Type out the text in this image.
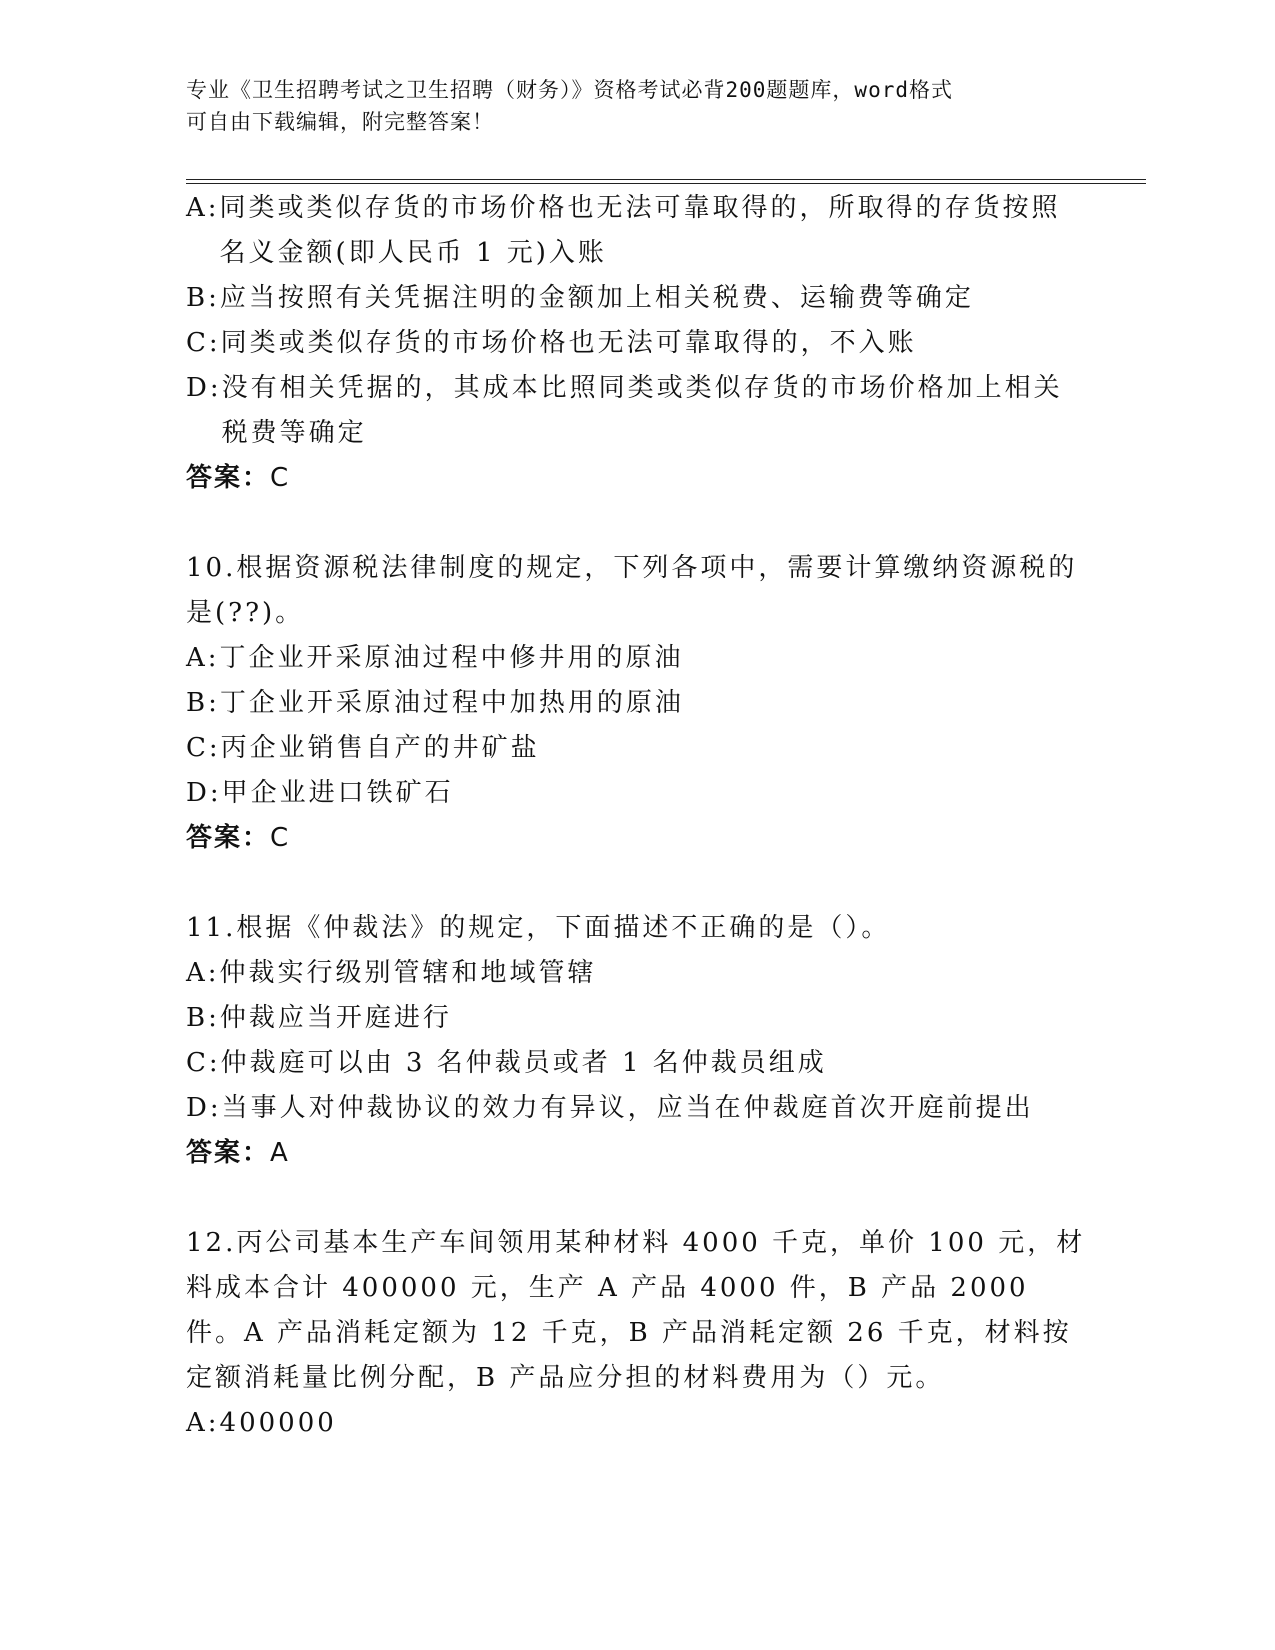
专业《卫生招聘考试之卫生招聘（财务）》资格考试必背200题题库，word格式
可自由下载编辑，附完整答案！
A: 同类或类似存货的市场价格也无法可靠取得的，所取得的存货按照名义金额(即人民币 1 元)入账
B: 应当按照有关凭据注明的金额加上相关税费、运输费等确定
C: 同类或类似存货的市场价格也无法可靠取得的，不入账
D: 没有相关凭据的，其成本比照同类或类似存货的市场价格加上相关税费等确定
答案：C
10.根据资源税法律制度的规定，下列各项中，需要计算缴纳资源税的是(??)。
A: 丁企业开采原油过程中修井用的原油
B: 丁企业开采原油过程中加热用的原油
C: 丙企业销售自产的井矿盐
D: 甲企业进口铁矿石
答案：C
11.根据《仲裁法》的规定，下面描述不正确的是（）。
A: 仲裁实行级别管辖和地域管辖
B: 仲裁应当开庭进行
C: 仲裁庭可以由 3 名仲裁员或者 1 名仲裁员组成
D: 当事人对仲裁协议的效力有异议，应当在仲裁庭首次开庭前提出
答案：A
12.丙公司基本生产车间领用某种材料 4000 千克，单价 100 元，材料成本合计 400000 元，生产 A 产品 4000 件，B 产品 2000 件。A 产品消耗定额为 12 千克，B 产品消耗定额 26 千克，材料按定额消耗量比例分配，B 产品应分担的材料费用为（）元。
A: 400000
